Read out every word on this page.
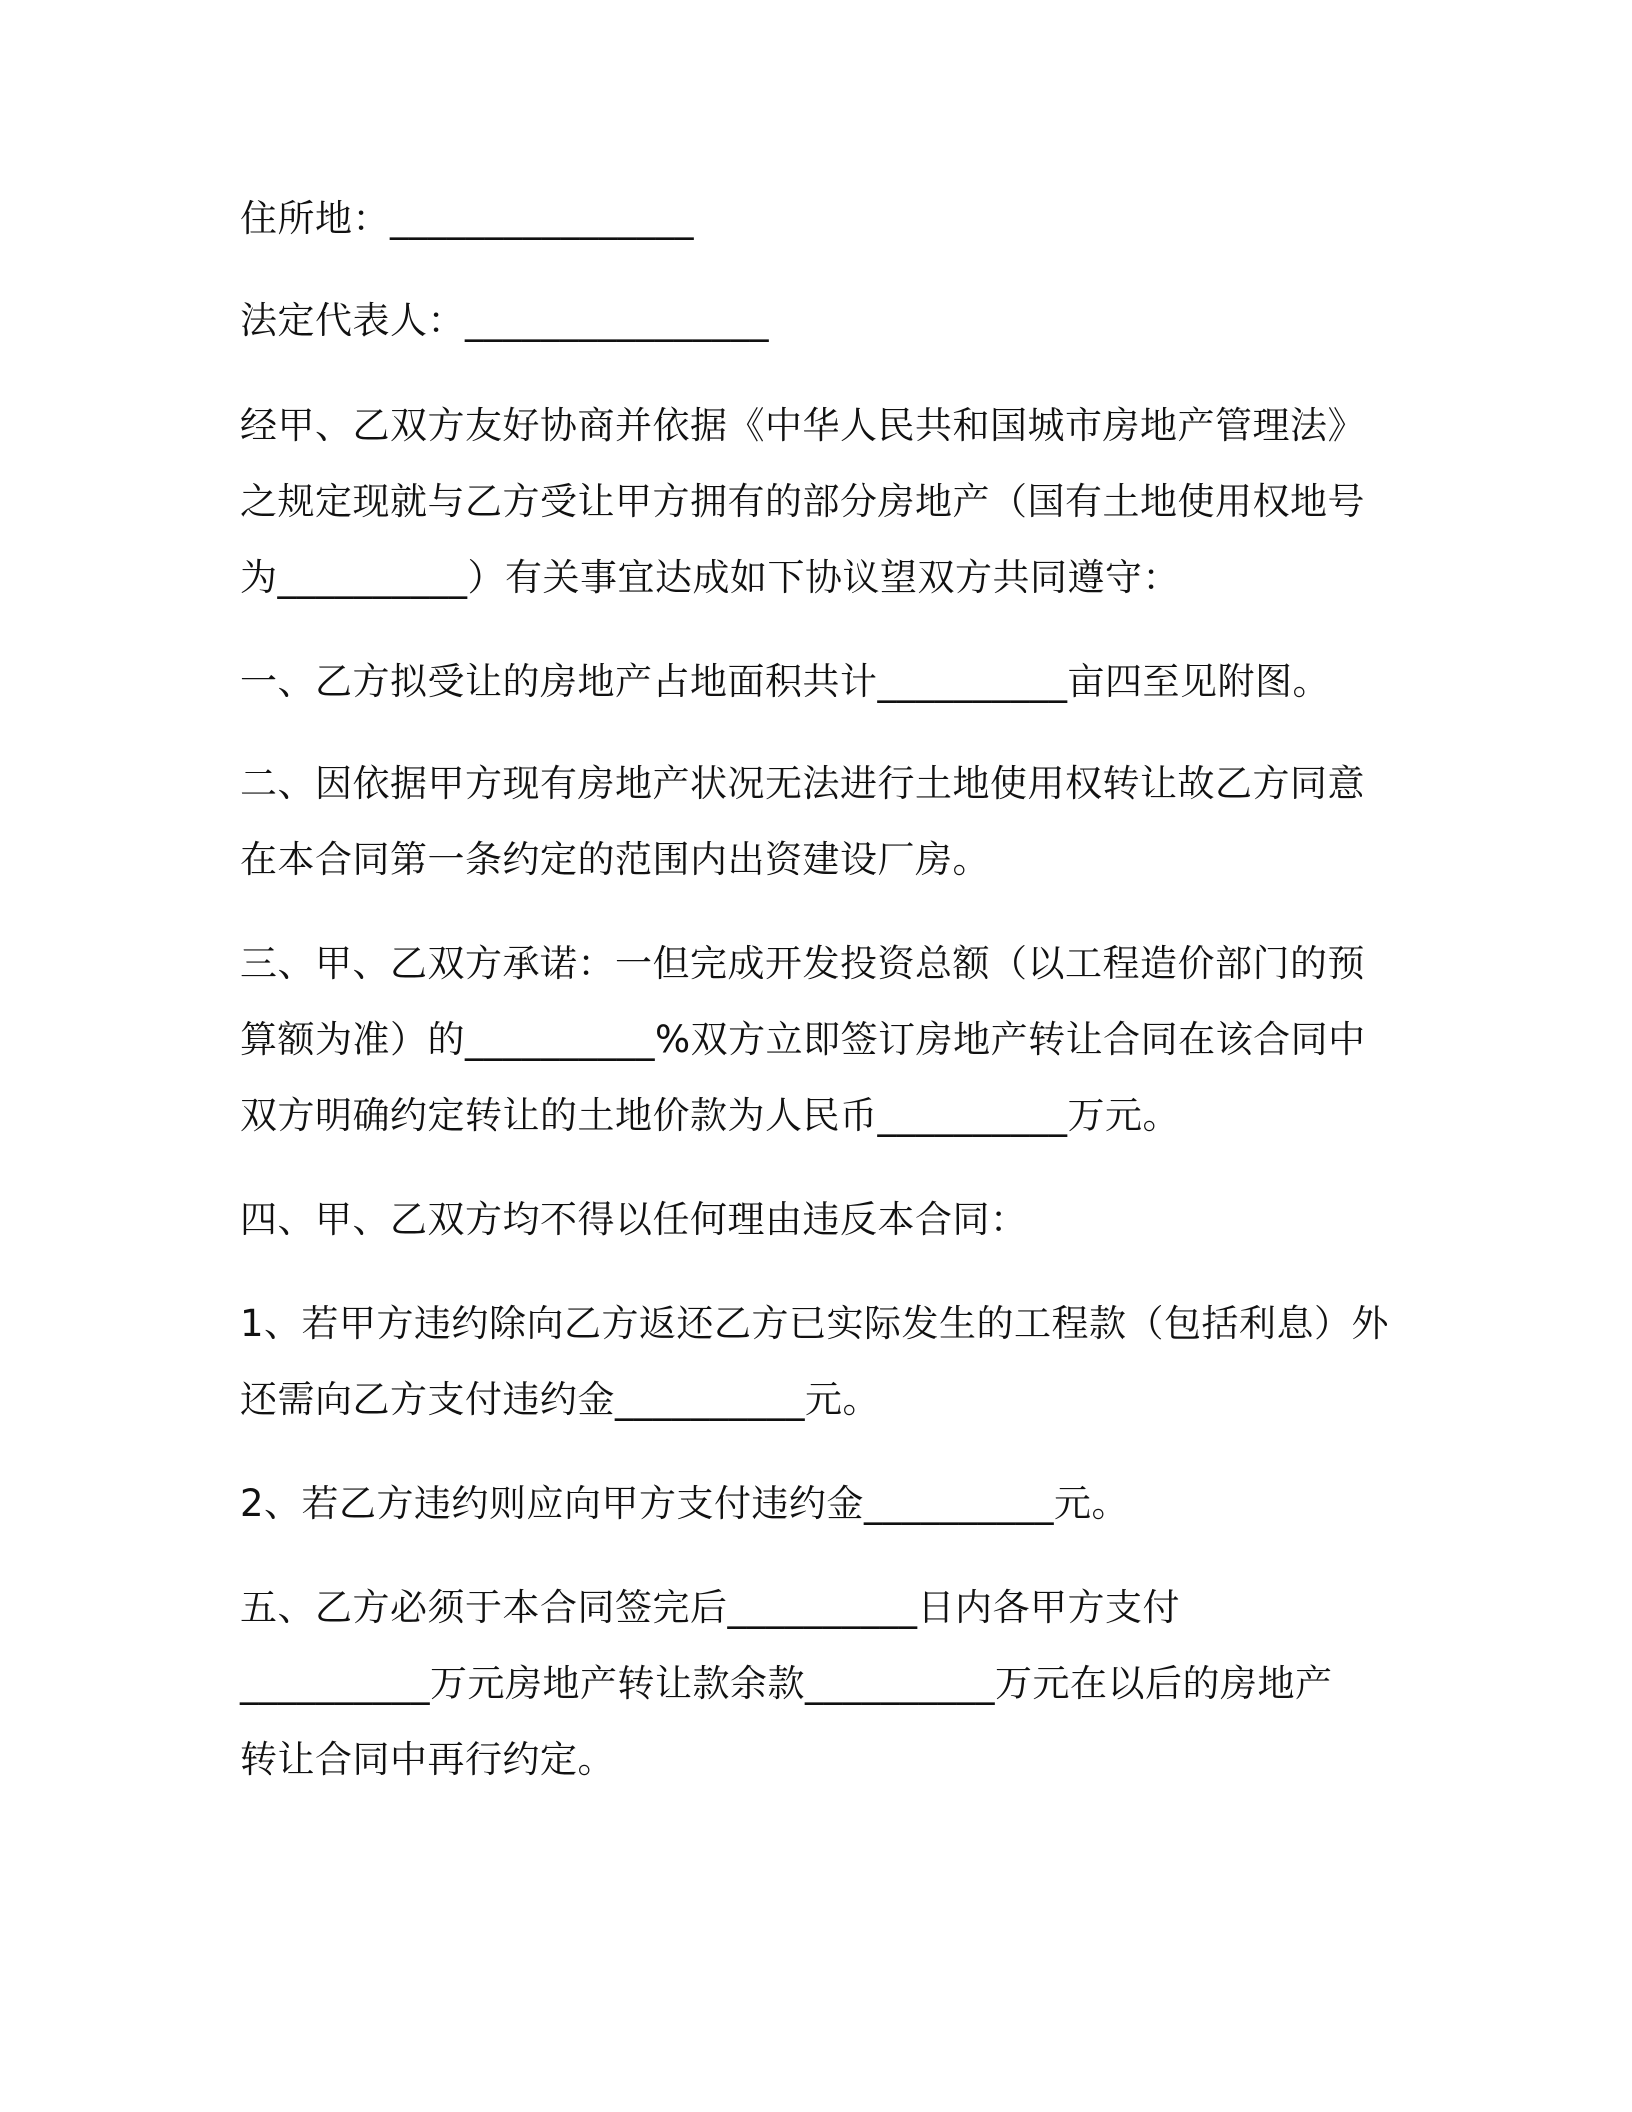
住所地：________________
法定代表人：________________
经甲、乙双方友好协商并依据《中华人民共和国城市房地产管理法》
之规定现就与乙方受让甲方拥有的部分房地产（国有土地使用权地号
为__________）有关事宜达成如下协议望双方共同遵守：
一、乙方拟受让的房地产占地面积共计__________亩四至见附图。
二、因依据甲方现有房地产状况无法进行土地使用权转让故乙方同意
在本合同第一条约定的范围内出资建设厂房。
三、甲、乙双方承诺：一但完成开发投资总额（以工程造价部门的预
算额为准）的__________%双方立即签订房地产转让合同在该合同中
双方明确约定转让的土地价款为人民币__________万元。
四、甲、乙双方均不得以任何理由违反本合同：
1、若甲方违约除向乙方返还乙方已实际发生的工程款（包括利息）外
还需向乙方支付违约金__________元。
2、若乙方违约则应向甲方支付违约金__________元。
五、乙方必须于本合同签完后__________日内各甲方支付
__________万元房地产转让款余款__________万元在以后的房地产
转让合同中再行约定。
